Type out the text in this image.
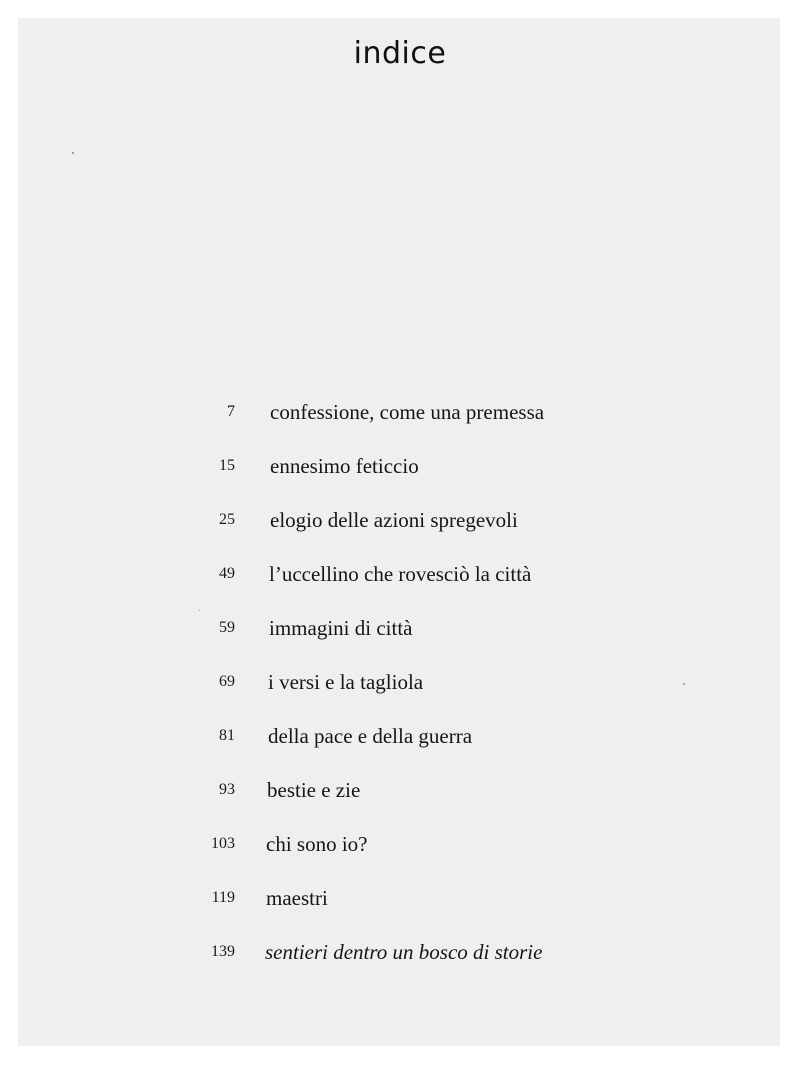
indice
7 confessione, come una premessa
15 ennesimo feticcio
25 elogio delle azioni spregevoli
49 l’uccellino che rovesciò la città
59 immagini di città
69 i versi e la tagliola
81 della pace e della guerra
93 bestie e zie
103 chi sono io?
119 maestri
139 sentieri dentro un bosco di storie
